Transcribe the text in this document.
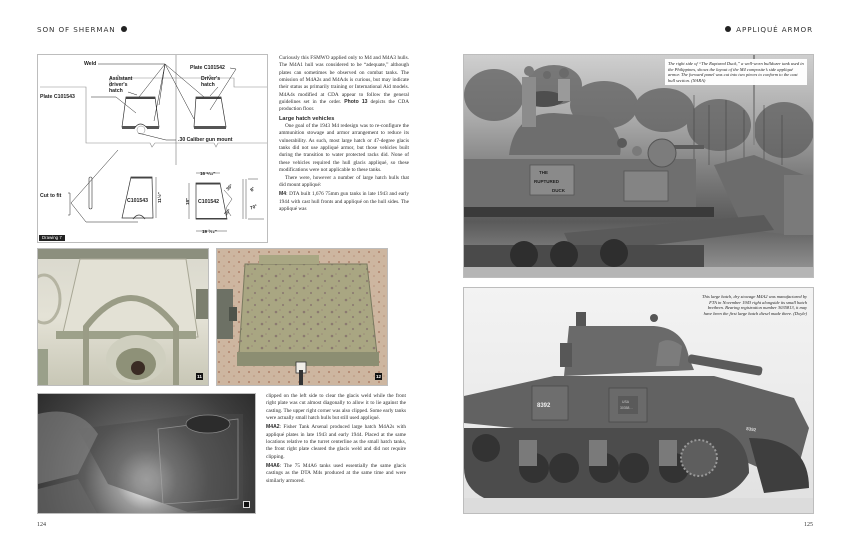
SON OF SHERMAN
Weld
Plate C101542
Assistant
driver's
hatch
Driver's
hatch
Plate C101543
.30 Caliber gun mount
Cut to fit
C101543	C101542
16 ⁵⁄₁₆"
19 ¹⁄₁₆"
18"
11½"
30°
30°
8°
70°
Drawing 7

Curiously this FSMWO applied only to M4 and M4A3 hulls. The M4A1 hull was considered to be “adequate,” although plates can sometimes be observed on combat tanks. The omission of M4A2s and M4A4s is curious, but may indicate their status as primarily training or International Aid models. M4A4s modified at CDA appear to follow the general guidelines set in the order. Photo 13 depicts the CDA production floor.
Large hatch vehicles

One goal of the 1943 M4 redesign was to re-configure the ammunition stowage and armor arrangement to reduce its vulnerability. As such, most large hatch or 47-degree glacis tanks did not use appliqué armor, but those vehicles built during the transition to water protected racks did. None of these vehicles required the hull glacis appliqué, so these modifications were not applicable to these tanks.

There were, however a number of large hatch hulls that did mount appliqué:

M4: DTA built 1,676 75mm gun tanks in late 1943 and early 1944 with cast hull fronts and appliqué on the hull sides. The appliqué was

11	12

clipped on the left side to clear the glacis weld while the front right plate was cut almost diagonally to allow it to lie against the casting. The upper right corner was also clipped. Some early tanks were actually small hatch hulls but still used appliqué.

M4A2: Fisher Tank Arsenal produced large hatch M4A2s with appliqué plates in late 1943 and early 1944. Placed at the same locations relative to the turret centerline as the small hatch tanks, the front right plate cleared the glacis weld and did not require clipping.

M4A6: The 75 M4A6 tanks used essentially the same glacis castings as the DTA M4s produced at the same time and were similarly armored.

124
APPLIQUÉ ARMOR
THE
RUPTURED
DUCK
The right side of “The Ruptured Duck,” a well-worn bulldozer tank used in the Philippines, shows the layout of the M4 composite’s side appliqué armor. The forward panel was cut into two pieces to conform to the cast hull section. (NARA)
8392
USA
30358…
8392
This large hatch, dry stowage M4A2 was manufactured by FTA in November 1943 right alongside its small hatch brethren. Bearing registration number 3035813, it may have been the first large hatch diesel made there. (Doyle)
125
